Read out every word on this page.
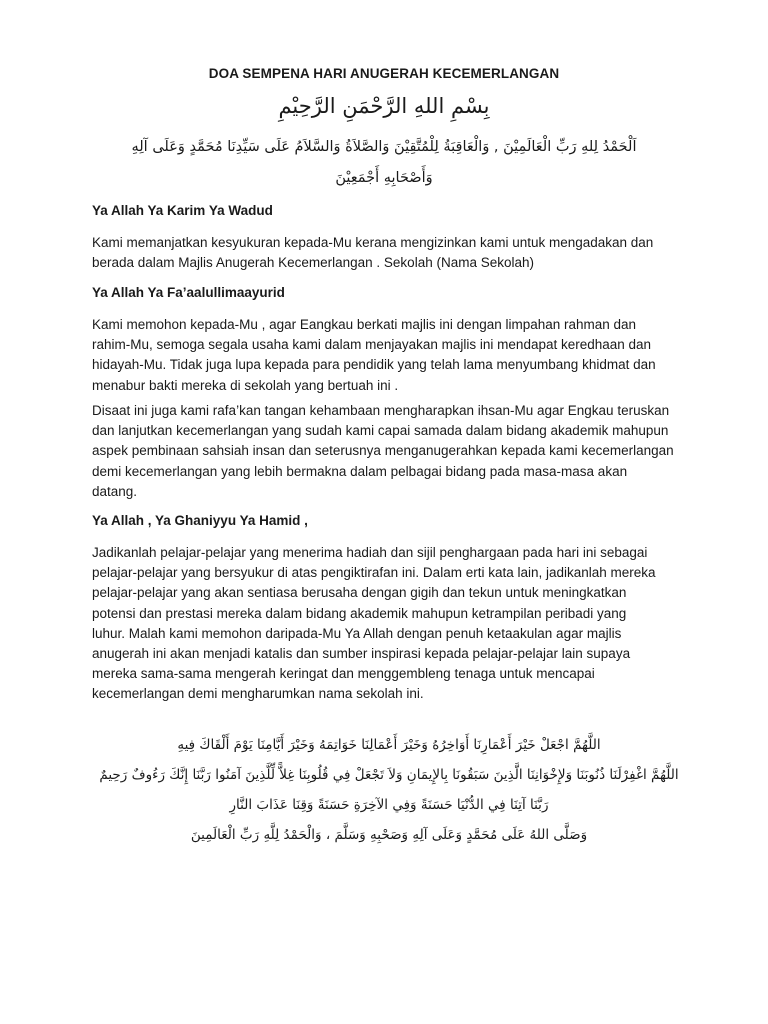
DOA SEMPENA HARI ANUGERAH KECEMERLANGAN
بِسْمِ اللهِ الرَّحْمَنِ الرَّحِيْمِ
اَلْحَمْدُ لِلهِ رَبِّ الْعَالَمِيْنَ , وَالْعَاقِبَةُ لِلْمُتَّقِيْنَ وَالصَّلاَةُ وَالسَّلاَمُ عَلَى سَيِّدِنَا مُحَمَّدٍ وَعَلَى آلِهِ
وَأَصْحَابِهِ أَجْمَعِيْنَ
Ya Allah Ya Karim Ya Wadud
Kami memanjatkan kesyukuran kepada-Mu kerana mengizinkan kami untuk mengadakan dan
berada dalam Majlis Anugerah Kecemerlangan . Sekolah (Nama Sekolah)
Ya Allah Ya Fa’aalullimaayurid
Kami memohon kepada-Mu , agar Eangkau berkati majlis ini dengan limpahan rahman dan
rahim-Mu, semoga segala usaha kami dalam menjayakan majlis ini mendapat keredhaan dan
hidayah-Mu. Tidak juga lupa kepada para pendidik yang telah lama menyumbang khidmat dan
menabur bakti mereka di sekolah yang bertuah ini .
Disaat ini juga kami rafa’kan tangan kehambaan mengharapkan ihsan-Mu agar Engkau teruskan
dan lanjutkan kecemerlangan yang sudah kami capai samada dalam bidang akademik mahupun
aspek pembinaan sahsiah insan dan seterusnya menganugerahkan kepada kami kecemerlangan
demi kecemerlangan yang lebih bermakna dalam pelbagai bidang pada masa-masa akan
datang.
Ya Allah , Ya Ghaniyyu Ya Hamid ,
Jadikanlah pelajar-pelajar yang menerima hadiah dan sijil penghargaan pada hari ini sebagai
pelajar-pelajar yang bersyukur di atas pengiktirafan ini. Dalam erti kata lain, jadikanlah mereka
pelajar-pelajar yang akan sentiasa berusaha dengan gigih dan tekun untuk meningkatkan
potensi dan prestasi mereka dalam bidang akademik mahupun ketrampilan peribadi yang
luhur. Malah kami memohon daripada-Mu Ya Allah dengan penuh ketaakulan agar majlis
anugerah ini akan menjadi katalis dan sumber inspirasi kepada pelajar-pelajar lain supaya
mereka sama-sama mengerah keringat dan menggembleng tenaga untuk mencapai
kecemerlangan demi mengharumkan nama sekolah ini.
اللَّهُمَّ اجْعَلْ خَيْرَ أَعْمَارِنَا أَوَاخِرُهُ وَخَيْرَ أَعْمَالِنَا خَوَاتِمَهُ وَخَيْرَ أَيَّامِنَا يَوْمَ أَلْقَاكَ فِيهِ
اللَّهُمَّ اغْفِرْلَنَا ذُنُوبَنَا وَلإِخْوَانِنَا الَّذِينَ سَبَقُونَا بِالإِيمَانِ وَلاَ تَجْعَلْ فِي قُلُوبِنَا غِلاًّ لِّلَّذِينَ آمَنُوا رَبَّنَا إِنَّكَ رَءُوفٌ رَحِيمٌ
رَبَّنَا آتِنَا فِي الدُّنْيَا حَسَنَةً وَفِي الآخِرَةِ حَسَنَةً وَقِنَا عَذَابَ النَّارِ
وَصَلَّى اللهُ عَلَى مُحَمَّدٍ وَعَلَى آلِهِ وَصَحْبِهِ وَسَلَّمَ ، وَالْحَمْدُ لِلَّهِ رَبِّ الْعَالَمِينَ
